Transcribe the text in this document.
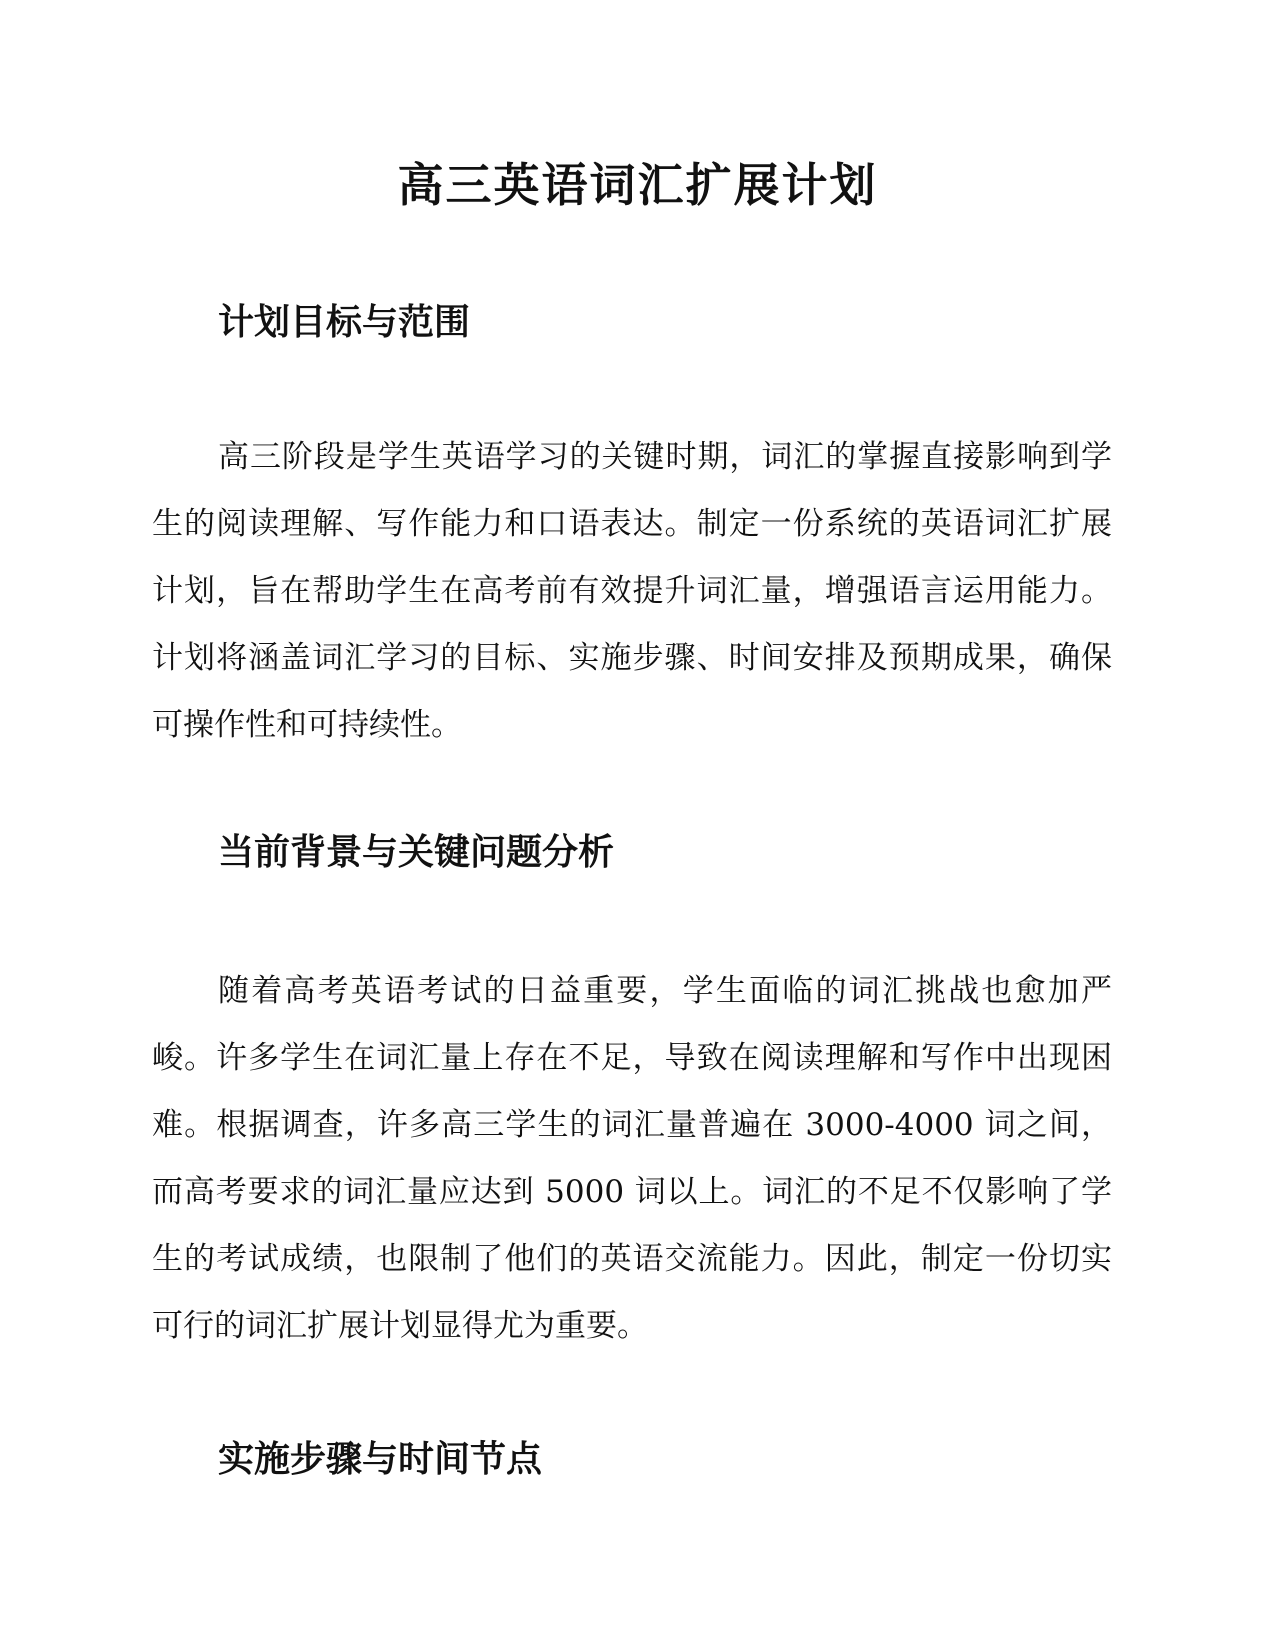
高三英语词汇扩展计划
计划目标与范围

高三阶段是学生英语学习的关键时期，词汇的掌握直接影响到学生的阅读理解、写作能力和口语表达。制定一份系统的英语词汇扩展计划，旨在帮助学生在高考前有效提升词汇量，增强语言运用能力。计划将涵盖词汇学习的目标、实施步骤、时间安排及预期成果，确保可操作性和可持续性。

当前背景与关键问题分析

随着高考英语考试的日益重要，学生面临的词汇挑战也愈加严峻。许多学生在词汇量上存在不足，导致在阅读理解和写作中出现困难。根据调查，许多高三学生的词汇量普遍在 3000-4000 词之间，而高考要求的词汇量应达到 5000 词以上。词汇的不足不仅影响了学生的考试成绩，也限制了他们的英语交流能力。因此，制定一份切实可行的词汇扩展计划显得尤为重要。

实施步骤与时间节点
